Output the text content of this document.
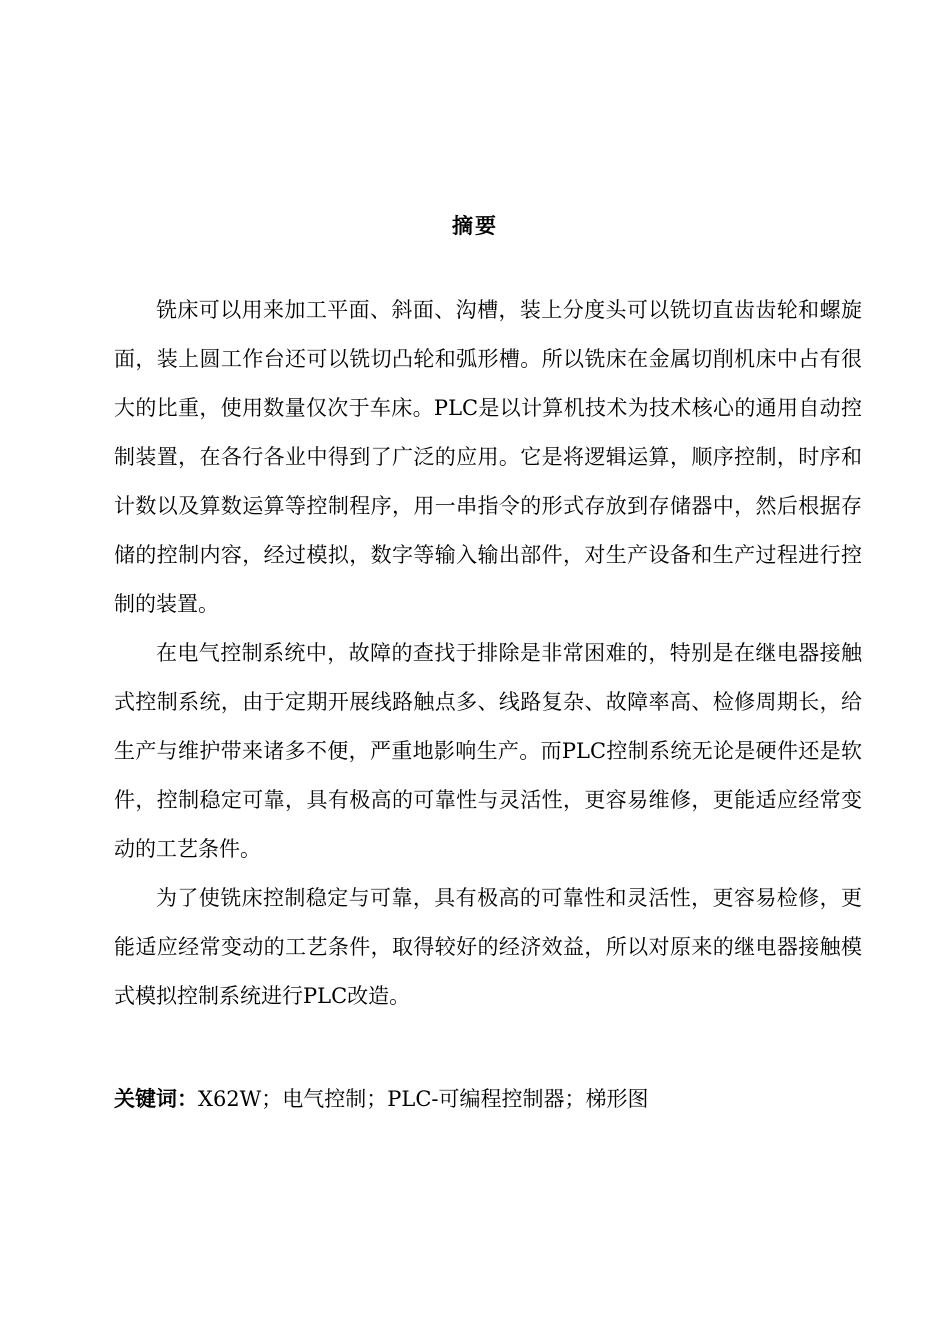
摘要

铣床可以用来加工平面、斜面、沟槽，装上分度头可以铣切直齿齿轮和螺旋面，装上圆工作台还可以铣切凸轮和弧形槽。所以铣床在金属切削机床中占有很大的比重，使用数量仅次于车床。PLC是以计算机技术为技术核心的通用自动控制装置，在各行各业中得到了广泛的应用。它是将逻辑运算，顺序控制，时序和计数以及算数运算等控制程序，用一串指令的形式存放到存储器中，然后根据存储的控制内容，经过模拟，数字等输入输出部件，对生产设备和生产过程进行控制的装置。

在电气控制系统中，故障的查找于排除是非常困难的，特别是在继电器接触式控制系统，由于定期开展线路触点多、线路复杂、故障率高、检修周期长，给生产与维护带来诸多不便，严重地影响生产。而PLC控制系统无论是硬件还是软件，控制稳定可靠，具有极高的可靠性与灵活性，更容易维修，更能适应经常变动的工艺条件。

为了使铣床控制稳定与可靠，具有极高的可靠性和灵活性，更容易检修，更能适应经常变动的工艺条件，取得较好的经济效益，所以对原来的继电器接触模式模拟控制系统进行PLC改造。

关键词：X62W；电气控制；PLC-可编程控制器；梯形图
